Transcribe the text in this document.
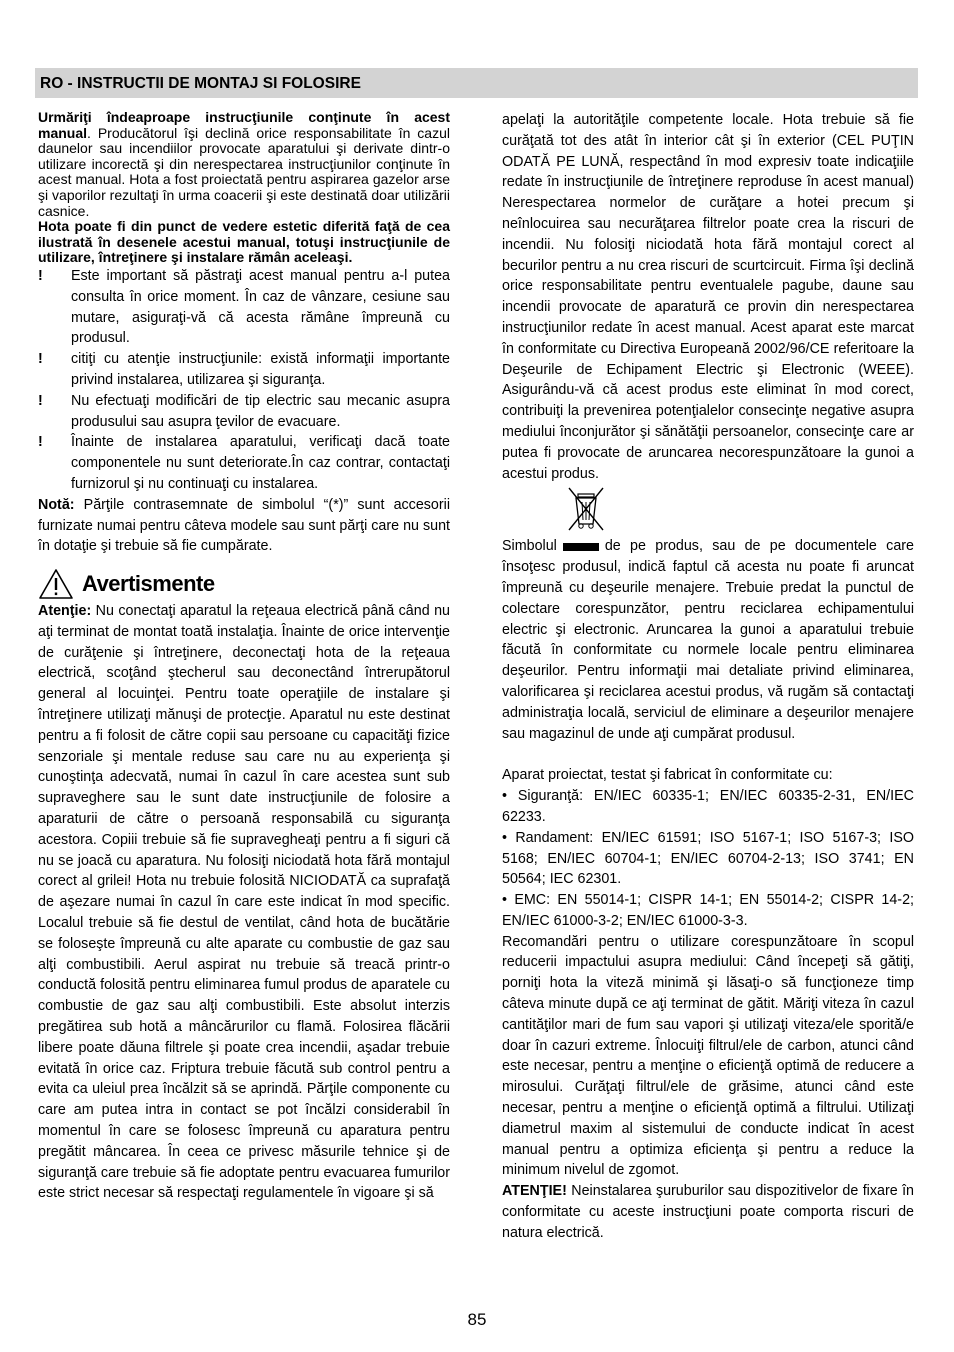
RO - INSTRUCTII DE MONTAJ SI FOLOSIRE

Urmăriţi îndeaproape instrucţiunile conţinute în acest manual. Producătorul îşi declină orice responsabilitate în cazul daunelor sau incendiilor provocate aparatului şi derivate dintr-o utilizare incorectă şi din nerespectarea instrucţiunilor conţinute în acest manual. Hota a fost proiectată pentru aspirarea gazelor arse şi vaporilor rezultaţi în urma coacerii şi este destinată doar utilizării casnice.

Hota poate fi din punct de vedere estetic diferită faţă de cea ilustrată în desenele acestui manual, totuşi instrucţiunile de utilizare, întreţinere şi instalare rămân aceleaşi.

!	Este important să păstraţi acest manual pentru a-l putea consulta în orice moment. În caz de vânzare, cesiune sau mutare, asiguraţi-vă că acesta rămâne împreună cu produsul.
!	citiţi cu atenţie instrucţiunile: există informaţii importante privind instalarea, utilizarea şi siguranţa.
!	Nu efectuaţi modificări de tip electric sau mecanic asupra produsului sau asupra ţevilor de evacuare.
!	Înainte de instalarea aparatului, verificaţi dacă toate componentele nu sunt deteriorate.În caz contrar, contactaţi furnizorul şi nu continuaţi cu instalarea.

Notă: Părţile contrasemnate de simbolul “(*)” sunt accesorii furnizate numai pentru câteva modele sau sunt părţi care nu sunt în dotaţie şi trebuie să fie cumpărate.

Avertismente

Atenţie: Nu conectaţi aparatul la reţeaua electrică până când nu aţi terminat de montat toată instalaţia. Înainte de orice intervenţie de curăţenie şi întreţinere, deconectaţi hota de la reţeaua electrică, scoţând ştecherul sau deconectând întrerupătorul general al locuinţei. Pentru toate operaţiile de instalare şi întreţinere utilizaţi mănuşi de protecţie. Aparatul nu este destinat pentru a fi folosit de către copii sau persoane cu capacităţi fizice senzoriale şi mentale reduse sau care nu au experienţa şi cunoştinţa adecvată, numai în cazul în care acestea sunt sub supraveghere sau le sunt date instrucţiunile de folosire a aparaturii de către o persoană responsabilă cu siguranţa acestora. Copiii trebuie să fie supravegheaţi pentru a fi siguri că nu se joacă cu aparatura. Nu folosiţi niciodată hota fără montajul corect al grilei! Hota nu trebuie folosită NICIODATĂ ca suprafaţă de aşezare numai în cazul în care este indicat în mod specific. Localul trebuie să fie destul de ventilat, când hota de bucătărie se foloseşte împreună cu alte aparate cu combustie de gaz sau alţi combustibili. Aerul aspirat nu trebuie să treacă printr-o conductă folosită pentru eliminarea fumul produs de aparatele cu combustie de gaz sau alţi combustibili. Este absolut interzis pregătirea sub hotă a mâncărurilor cu flamă. Folosirea flăcării libere poate dăuna filtrele şi poate crea incendii, aşadar trebuie evitată în orice caz. Friptura trebuie făcută sub control pentru a evita ca uleiul prea încălzit să se aprindă. Părţile componente cu care am putea intra in contact se pot încălzi considerabil în momentul în care se folosesc împreună cu aparatura pentru pregătit mâncarea. În ceea ce privesc măsurile tehnice şi de siguranţă care trebuie să fie adoptate pentru evacuarea fumurilor este strict necesar să respectaţi regulamentele în vigoare şi să

apelaţi la autorităţile competente locale. Hota trebuie să fie curăţată tot des atât în interior cât şi în exterior (CEL PUŢIN ODATĂ PE LUNĂ, respectând în mod expresiv toate indicaţiile redate în instrucţiunile de întreţinere reproduse în acest manual) Nerespectarea normelor de curăţare a hotei precum şi neînlocuirea sau necurăţarea filtrelor poate crea la riscuri de incendii. Nu folosiţi niciodată hota fără montajul corect al becurilor pentru a nu crea riscuri de scurtcircuit. Firma îşi declină orice responsabilitate pentru eventualele pagube, daune sau incendii provocate de aparatură ce provin din nerespectarea instrucţiunilor redate în acest manual. Acest aparat este marcat în conformitate cu Directiva Europeană 2002/96/CE referitoare la Deşeurile de Echipament Electric şi Electronic (WEEE). Asigurându-vă că acest produs este eliminat în mod corect, contribuiţi la prevenirea potenţialelor consecinţe negative asupra mediului înconjurător şi sănătăţii persoanelor, consecinţe care ar putea fi provocate de aruncarea necorespunzătoare la gunoi a acestui produs.

Simbolul	de pe produs, sau de pe documentele care însoţesc produsul, indică faptul că acesta nu poate fi aruncat împreună cu deşeurile menajere. Trebuie predat la punctul de colectare corespunzător, pentru reciclarea echipamentului electric şi electronic. Aruncarea la gunoi a aparatului trebuie făcută în conformitate cu normele locale pentru eliminarea deşeurilor. Pentru informaţii mai detaliate privind eliminarea, valorificarea şi reciclarea acestui produs, vă rugăm să contactaţi administraţia locală, serviciul de eliminare a deşeurilor menajere sau magazinul de unde aţi cumpărat produsul.

Aparat proiectat, testat şi fabricat în conformitate cu:

• Siguranţă: EN/IEC 60335-1; EN/IEC 60335-2-31, EN/IEC 62233.

• Randament: EN/IEC 61591; ISO 5167-1; ISO 5167-3; ISO 5168; EN/IEC 60704-1; EN/IEC 60704-2-13; ISO 3741; EN 50564; IEC 62301.

• EMC: EN 55014-1; CISPR 14-1; EN 55014-2; CISPR 14-2; EN/IEC 61000-3-2; EN/IEC 61000-3-3.

Recomandări pentru o utilizare corespunzătoare în scopul reducerii impactului asupra mediului: Când începeţi să gătiţi, porniţi hota la viteză minimă şi lăsaţi-o să funcţioneze timp câteva minute după ce aţi terminat de gătit. Măriţi viteza în cazul cantităţilor mari de fum sau vapori şi utilizaţi viteza/ele sporită/e doar în cazuri extreme. Înlocuiţi filtrul/ele de carbon, atunci când este necesar, pentru a menţine o eficienţă optimă de reducere a mirosului. Curăţaţi filtrul/ele de grăsime, atunci când este necesar, pentru a menţine o eficienţă optimă a filtrului. Utilizaţi diametrul maxim al sistemului de conducte indicat în acest manual pentru a optimiza eficienţa şi pentru a reduce la minimum nivelul de zgomot.

ATENŢIE! Neinstalarea şuruburilor sau dispozitivelor de fixare în conformitate cu aceste instrucţiuni poate comporta riscuri de natura electrică.

85
